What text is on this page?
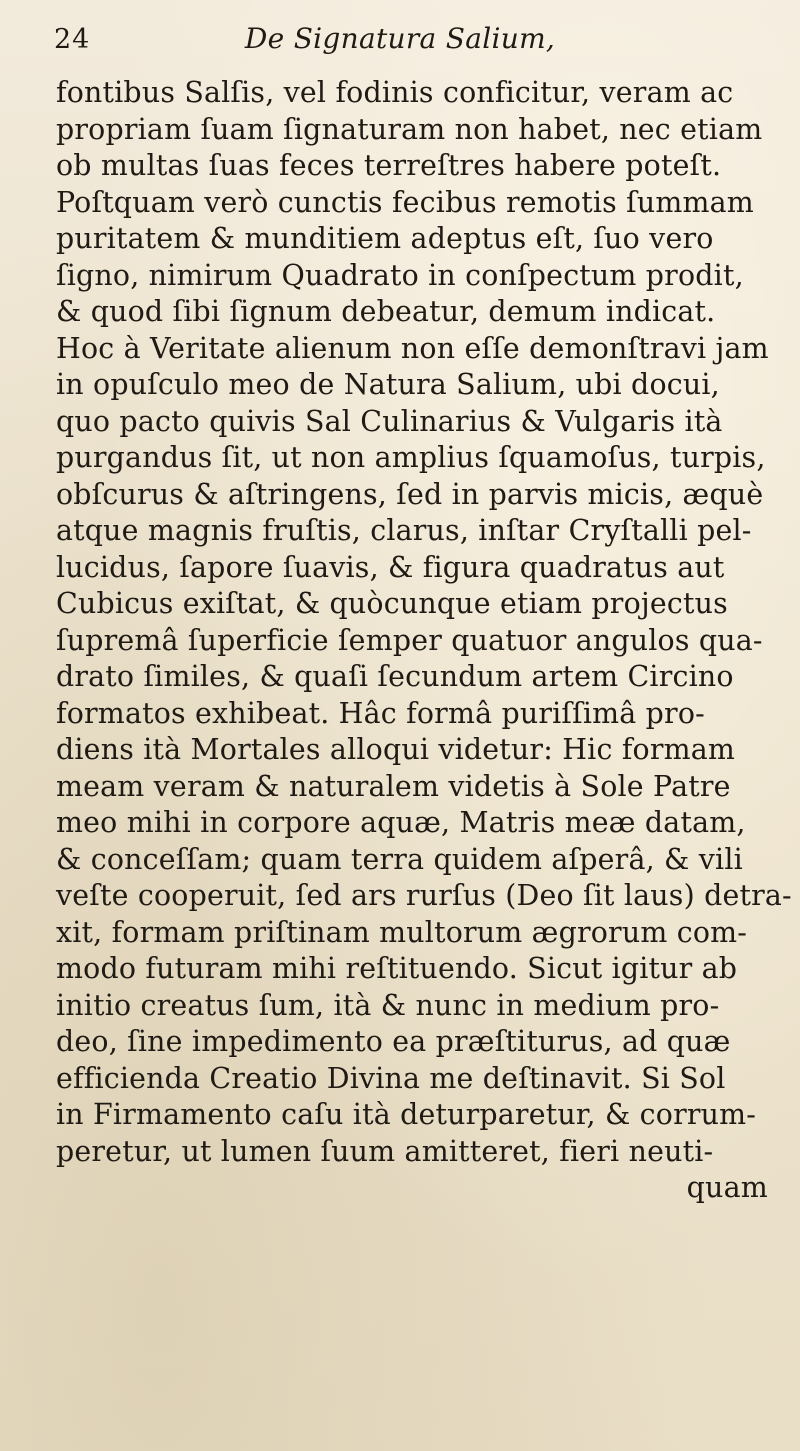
24	De Signatura Salium,
fontibus Salſis, vel fodinis conficitur, veram ac
propriam ſuam ſignaturam non habet, nec etiam
ob multas ſuas feces terreſtres habere poteſt.
Poſtquam verò cunctis fecibus remotis ſummam
puritatem & munditiem adeptus eſt, ſuo vero
ſigno, nimirum Quadrato in conſpectum prodit,
& quod ſibi ſignum debeatur, demum indicat.
Hoc à Veritate alienum non eſſe demonſtravi jam
in opuſculo meo de Natura Salium, ubi docui,
quo pacto quivis Sal Culinarius & Vulgaris ità
purgandus ſit, ut non amplius ſquamoſus, turpis,
obſcurus & aſtringens, ſed in parvis micis, æquè
atque magnis fruſtis, clarus, inſtar Cryſtalli pel-
lucidus, ſapore ſuavis, & figura quadratus aut
Cubicus exiſtat, & quòcunque etiam projectus
ſupremâ ſuperficie ſemper quatuor angulos qua-
drato ſimiles, & quaſi ſecundum artem Circino
formatos exhibeat. Hâc formâ puriſſimâ pro-
diens ità Mortales alloqui videtur: Hic formam
meam veram & naturalem videtis à Sole Patre
meo mihi in corpore aquæ, Matris meæ datam,
& conceſſam; quam terra quidem aſperâ, & vili
veſte cooperuit, ſed ars rurſus (Deo ſit laus) detra-
xit, formam priſtinam multorum ægrorum com-
modo futuram mihi reſtituendo. Sicut igitur ab
initio creatus ſum, ità & nunc in medium pro-
deo, ſine impedimento ea præſtiturus, ad quæ
efficienda Creatio Divina me deſtinavit. Si Sol
in Firmamento caſu ità deturparetur, & corrum-
peretur, ut lumen ſuum amitteret, fieri neuti-
quam
